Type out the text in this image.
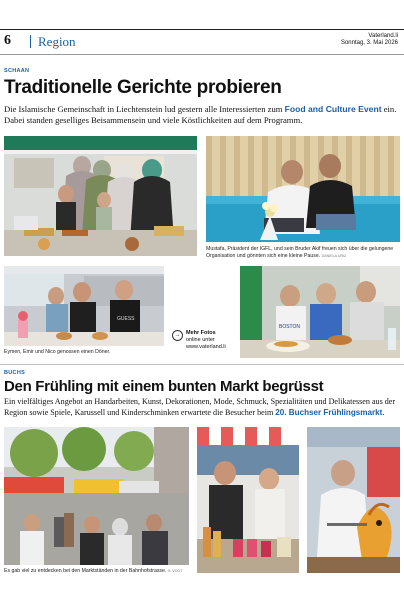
6 Region	Vaterland.li
Sonntag, 3. Mai 2026
SCHAAN
Traditionelle Gerichte probieren
Die Islamische Gemeinschaft in Liechtenstein lud gestern alle Interessierten zum Food and Culture Event ein. Dabei standen geselliges Beisammensein und viele Köstlichkeiten auf dem Programm.
Mustafa, Präsident der IGFL, und sein Bruder Akif freuen sich über die gelungene Organisation und gönnten sich eine kleine Pause. DANIELA URIZ
GUESS
Eymen, Emir und Nico genossen einen Döner.
→	Mehr Fotos
online unter
www.vaterland.li
BOSTON
BUCHS
Den Frühling mit einem bunten Markt begrüsst
Ein vielfältiges Angebot an Handarbeiten, Kunst, Dekorationen, Mode, Schmuck, Spezialitäten und Delikatessen aus der Region sowie Spiele, Karussell und Kinderschminken erwartete die Besucher beim 20. Buchser Frühlingsmarkt.
Es gab viel zu entdecken bei den Marktständen in der Bahnhofstrasse. S. VOGT
